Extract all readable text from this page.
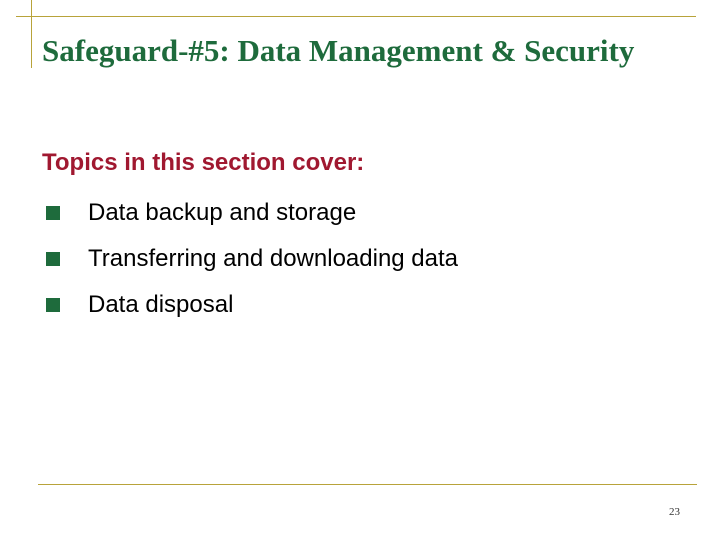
Safeguard-#5: Data Management & Security

Topics in this section cover:

Data backup and storage
Transferring and downloading data
Data disposal
23
